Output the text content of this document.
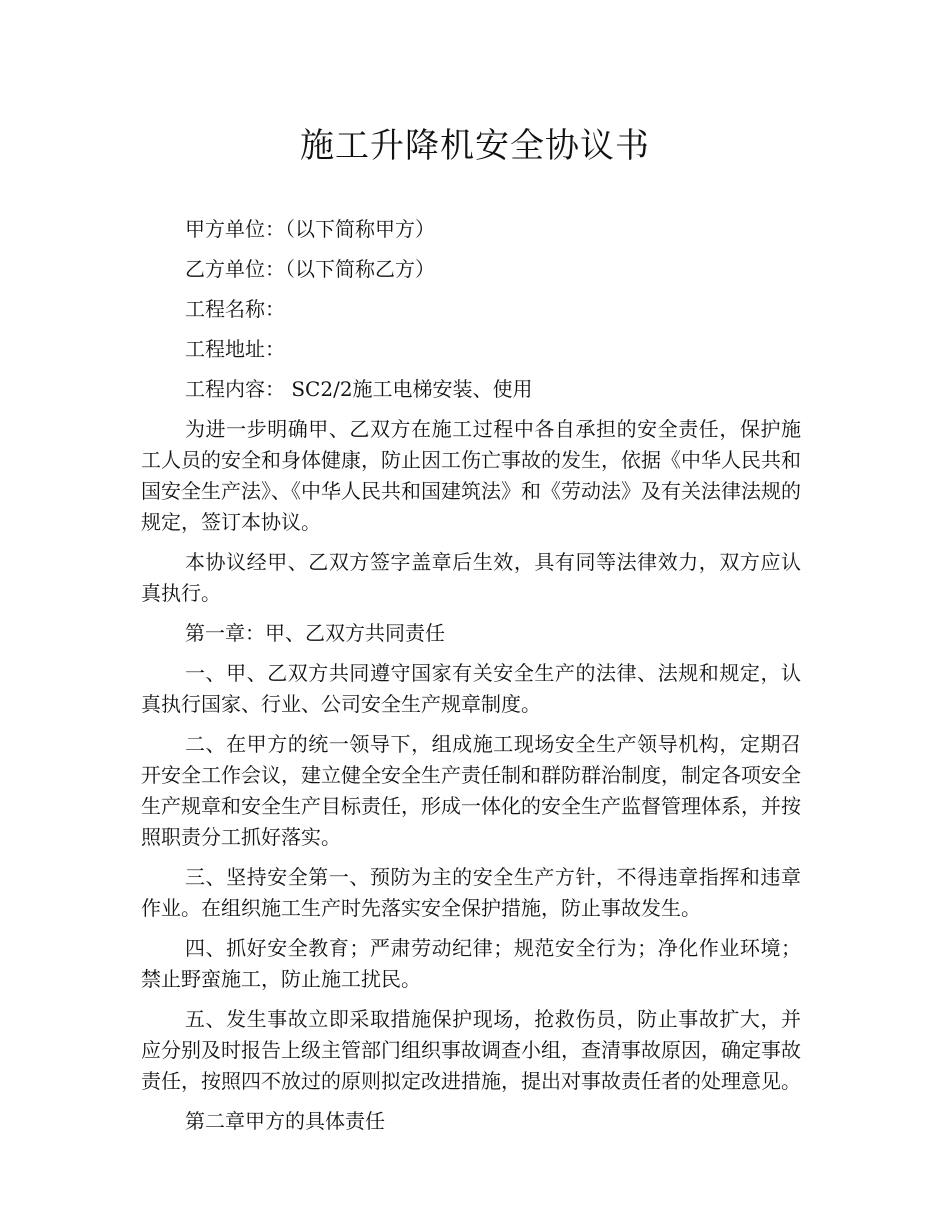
施工升降机安全协议书

甲方单位：（以下简称甲方）

乙方单位：（以下简称乙方）

工程名称：

工程地址：

工程内容： SC2/2施工电梯安装、使用

为进一步明确甲、乙双方在施工过程中各自承担的安全责任，保护施工人员的安全和身体健康，防止因工伤亡事故的发生，依据《中华人民共和国安全生产法》、《中华人民共和国建筑法》和《劳动法》及有关法律法规的规定，签订本协议。

本协议经甲、乙双方签字盖章后生效，具有同等法律效力，双方应认真执行。

第一章：甲、乙双方共同责任

一、甲、乙双方共同遵守国家有关安全生产的法律、法规和规定，认真执行国家、行业、公司安全生产规章制度。

二、在甲方的统一领导下，组成施工现场安全生产领导机构，定期召开安全工作会议，建立健全安全生产责任制和群防群治制度，制定各项安全生产规章和安全生产目标责任，形成一体化的安全生产监督管理体系，并按照职责分工抓好落实。

三、坚持安全第一、预防为主的安全生产方针，不得违章指挥和违章作业。在组织施工生产时先落实安全保护措施，防止事故发生。

四、抓好安全教育；严肃劳动纪律；规范安全行为；净化作业环境；禁止野蛮施工，防止施工扰民。

五、发生事故立即采取措施保护现场，抢救伤员，防止事故扩大，并应分别及时报告上级主管部门组织事故调查小组，查清事故原因，确定事故责任，按照四不放过的原则拟定改进措施，提出对事故责任者的处理意见。

第二章甲方的具体责任
